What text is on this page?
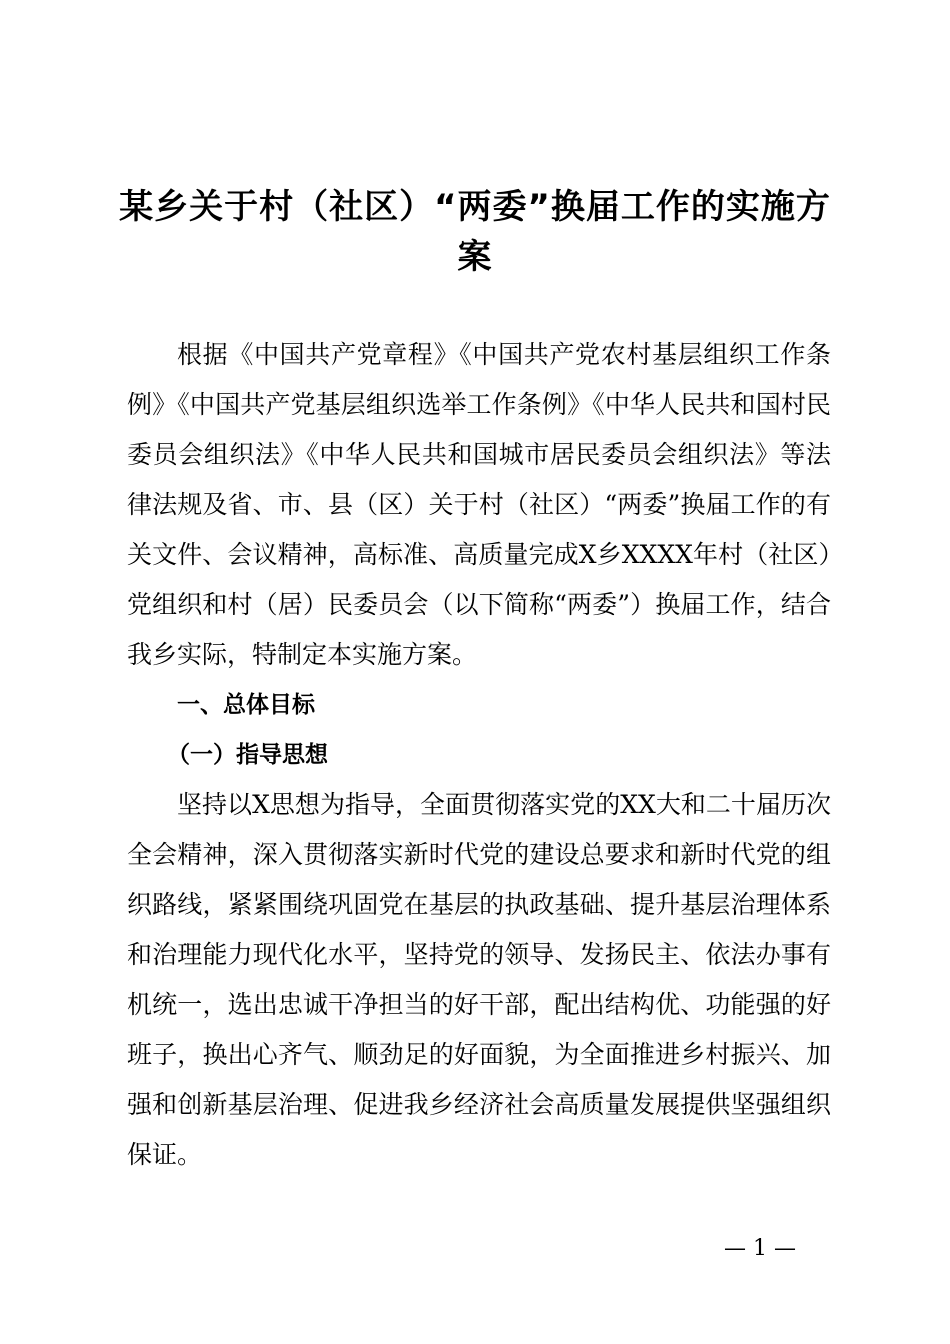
某乡关于村（社区）“两委”换届工作的实施方案

根据《中国共产党章程》《中国共产党农村基层组织工作条例》《中国共产党基层组织选举工作条例》《中华人民共和国村民委员会组织法》《中华人民共和国城市居民委员会组织法》等法律法规及省、市、县（区）关于村（社区）“两委”换届工作的有关文件、会议精神，高标准、高质量完成X乡XXXX年村（社区）党组织和村（居）民委员会（以下简称“两委”）换届工作，结合我乡实际，特制定本实施方案。

一、总体目标

（一）指导思想

坚持以X思想为指导，全面贯彻落实党的XX大和二十届历次全会精神，深入贯彻落实新时代党的建设总要求和新时代党的组织路线，紧紧围绕巩固党在基层的执政基础、提升基层治理体系和治理能力现代化水平，坚持党的领导、发扬民主、依法办事有机统一，选出忠诚干净担当的好干部，配出结构优、功能强的好班子，换出心齐气、顺劲足的好面貌，为全面推进乡村振兴、加强和创新基层治理、促进我乡经济社会高质量发展提供坚强组织保证。

— 1 —
